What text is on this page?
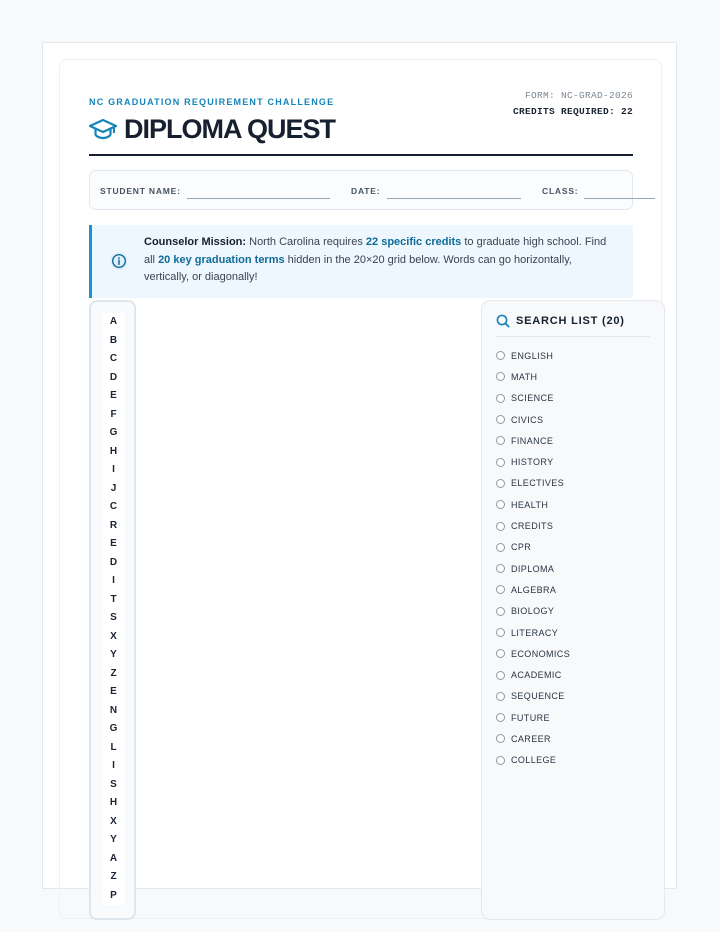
NC GRADUATION REQUIREMENT CHALLENGE
FORM: NC-GRAD-2026
CREDITS REQUIRED: 22
DIPLOMA QUEST
STUDENT NAME:	DATE:	CLASS:
Counselor Mission: North Carolina requires 22 specific credits to graduate high school. Find all 20 key graduation terms hidden in the 20×20 grid below. Words can go horizontally, vertically, or diagonally!
A
B
C
D
E
F
G
H
I
J
C
R
E
D
I
T
S
X
Y
Z
E
N
G
L
I
S
H
X
Y
A
Z
P
SEARCH LIST (20)
ENGLISH
MATH
SCIENCE
CIVICS
FINANCE
HISTORY
ELECTIVES
HEALTH
CREDITS
CPR
DIPLOMA
ALGEBRA
BIOLOGY
LITERACY
ECONOMICS
ACADEMIC
SEQUENCE
FUTURE
CAREER
COLLEGE
